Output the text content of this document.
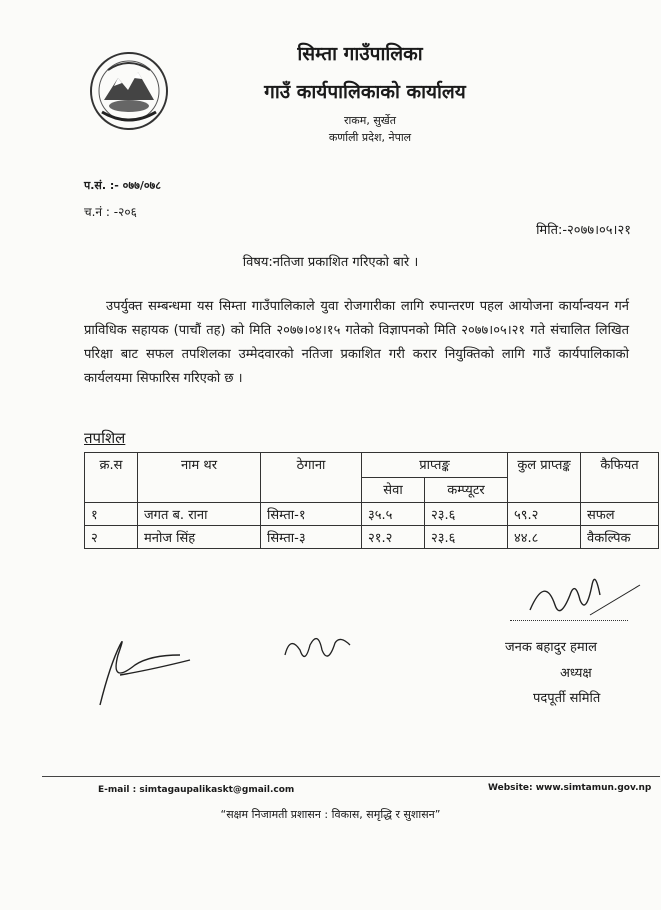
सिम्ता गाउँपालिका
गाउँ कार्यपालिकाको कार्यालय
राकम, सुर्खेत
कर्णाली प्रदेश, नेपाल
प.सं. :- ०७७/०७८
च.नं : -२०६
मिति:-२०७७।०५।२१
विषय:नतिजा प्रकाशित गरिएको बारे ।
उपर्युक्त सम्बन्धमा यस सिम्ता गाउँपालिकाले युवा रोजगारीका लागि रुपान्तरण पहल आयोजना कार्यान्वयन गर्न प्राविधिक सहायक (पाचौं तह) को मिति २०७७।०४।१५ गतेको विज्ञापनको मिति २०७७।०५।२१ गते संचालित लिखित परिक्षा बाट सफल तपशिलका उम्मेदवारको नतिजा प्रकाशित गरी करार नियुक्तिको लागि गाउँ कार्यपालिकाको कार्यलयमा सिफारिस गरिएको छ ।
तपशिल
क्र.स	नाम थर	ठेगाना	प्राप्तङ्क		कुल प्राप्तङ्क	कैफियत
			सेवा	कम्प्यूटर		
१	जगत ब. राना	सिम्ता-१	३५.५	२३.६	५९.२	सफल
२	मनोज सिंह	सिम्ता-३	२१.२	२३.६	४४.८	वैकल्पिक
जनक बहादुर हमाल
अध्यक्ष
पदपूर्ती समिति
E-mail : simtagaupalikaskt@gmail.com	Website: www.simtamun.gov.np
“सक्षम निजामती प्रशासन : विकास, समृद्धि र सुशासन”
